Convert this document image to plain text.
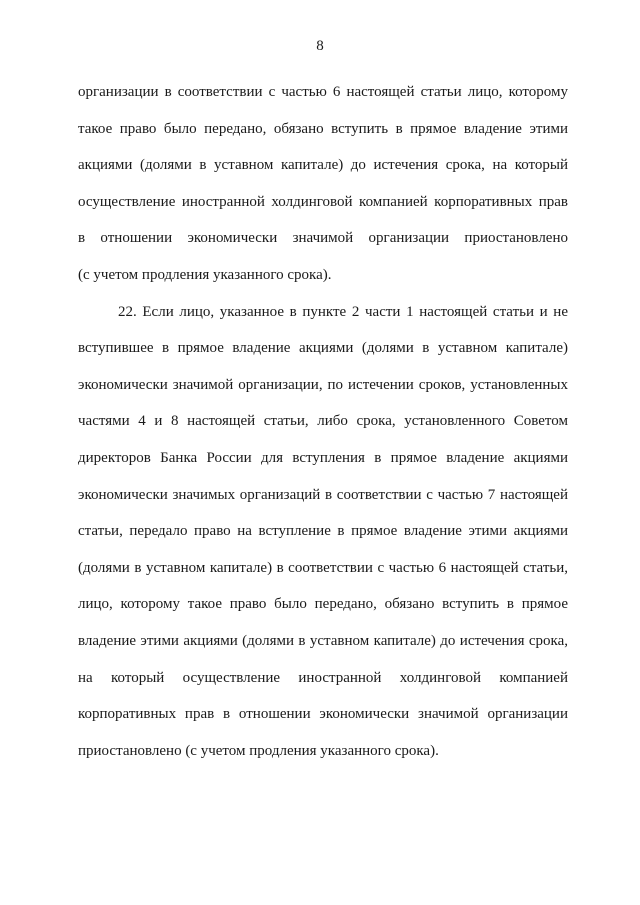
8
организации в соответствии с частью 6 настоящей статьи лицо, которому
такое право было передано, обязано вступить в прямое владение этими
акциями (долями в уставном капитале) до истечения срока, на который
осуществление иностранной холдинговой компанией корпоративных прав
в отношении экономически значимой организации приостановлено
(с учетом продления указанного срока).
22. Если лицо, указанное в пункте 2 части 1 настоящей статьи и не
вступившее в прямое владение акциями (долями в уставном капитале)
экономически значимой организации, по истечении сроков, установленных
частями 4 и 8 настоящей статьи, либо срока, установленного Советом
директоров Банка России для вступления в прямое владение акциями
экономически значимых организаций в соответствии с частью 7 настоящей
статьи, передало право на вступление в прямое владение этими акциями
(долями в уставном капитале) в соответствии с частью 6 настоящей статьи,
лицо, которому такое право было передано, обязано вступить в прямое
владение этими акциями (долями в уставном капитале) до истечения срока,
на который осуществление иностранной холдинговой компанией
корпоративных прав в отношении экономически значимой организации
приостановлено (с учетом продления указанного срока).
